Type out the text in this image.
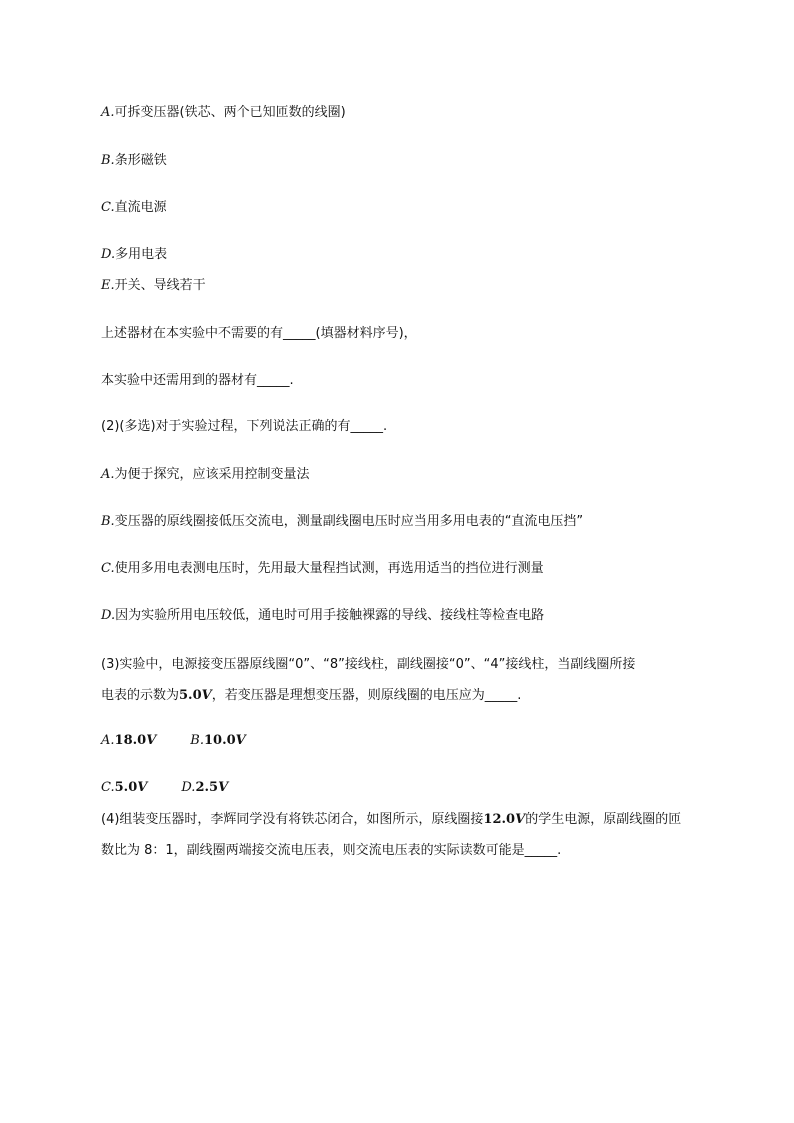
A.可拆变压器(铁芯、两个已知匝数的线圈)
B.条形磁铁
C.直流电源
D.多用电表
E.开关、导线若干
上述器材在本实验中不需要的有_____(填器材料序号)，
本实验中还需用到的器材有_____.
(2)(多选)对于实验过程，下列说法正确的有_____.
A.为便于探究，应该采用控制变量法
B.变压器的原线圈接低压交流电，测量副线圈电压时应当用多用电表的“直流电压挡”
C.使用多用电表测电压时，先用最大量程挡试测，再选用适当的挡位进行测量
D.因为实验所用电压较低，通电时可用手接触裸露的导线、接线柱等检查电路
(3)实验中，电源接变压器原线圈“0”、“8”接线柱，副线圈接“0”、“4”接线柱，当副线圈所接
电表的示数为5.0V，若变压器是理想变压器，则原线圈的电压应为_____.
A.18.0V	B.10.0V
C.5.0V	D.2.5V
(4)组装变压器时，李辉同学没有将铁芯闭合，如图所示，原线圈接12.0V的学生电源，原副线圈的匝
数比为 8：1，副线圈两端接交流电压表，则交流电压表的实际读数可能是_____.
